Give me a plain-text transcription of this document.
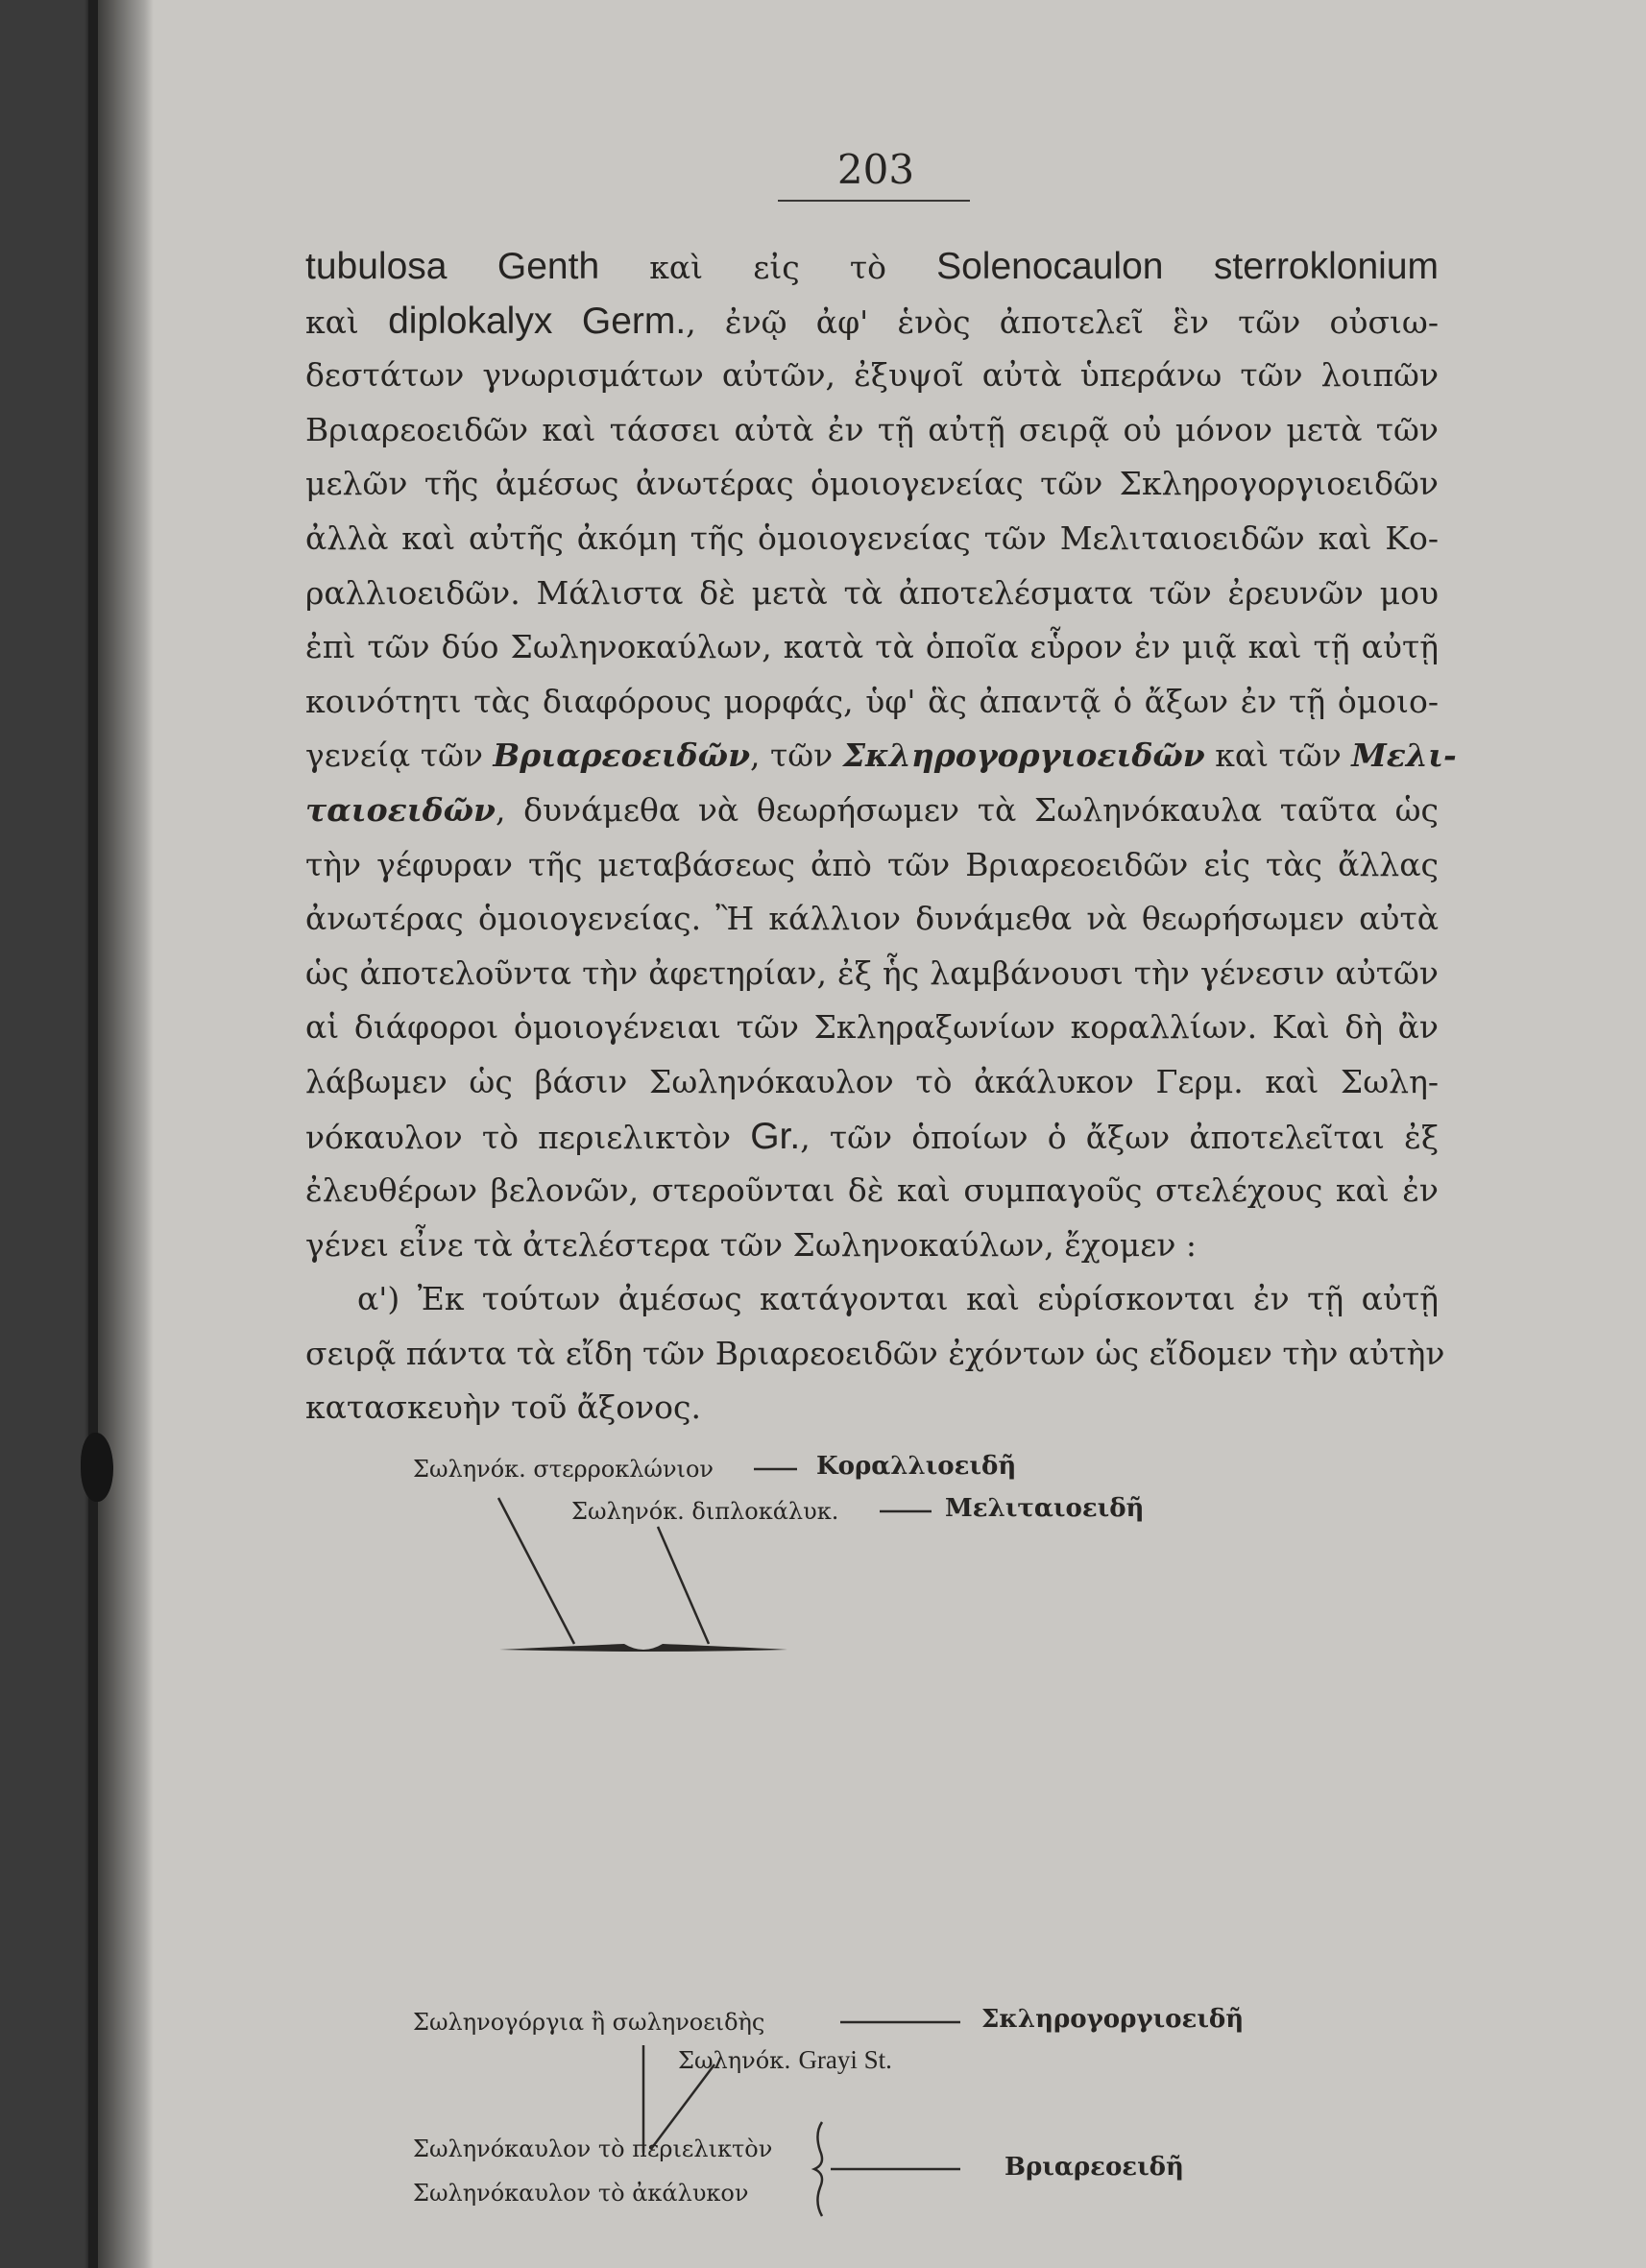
203
tubulosa Genth καὶ εἰς τὸ Solenocaulon sterroklonium
καὶ diplokalyx Germ., ἐνῷ ἀφ' ἑνὸς ἀποτελεῖ ἓν τῶν οὐσιω-
δεστάτων γνωρισμάτων αὐτῶν, ἐξυψοῖ αὐτὰ ὑπεράνω τῶν λοιπῶν
Βριαρεοειδῶν καὶ τάσσει αὐτὰ ἐν τῇ αὐτῇ σειρᾷ οὐ μόνον μετὰ τῶν
μελῶν τῆς ἀμέσως ἀνωτέρας ὁμοιογενείας τῶν Σκληρογοργιοειδῶν
ἀλλὰ καὶ αὐτῆς ἀκόμη τῆς ὁμοιογενείας τῶν Μελιταιοειδῶν καὶ Κο-
ραλλιοειδῶν. Μάλιστα δὲ μετὰ τὰ ἀποτελέσματα τῶν ἐρευνῶν μου
ἐπὶ τῶν δύο Σωληνοκαύλων, κατὰ τὰ ὁποῖα εὗρον ἐν μιᾷ καὶ τῇ αὐτῇ
κοινότητι τὰς διαφόρους μορφάς, ὑφ' ἃς ἀπαντᾷ ὁ ἄξων ἐν τῇ ὁμοιο-
γενείᾳ τῶν Βριαρεοειδῶν, τῶν Σκληρογοργιοειδῶν καὶ τῶν Μελι-
ταιοειδῶν, δυνάμεθα νὰ θεωρήσωμεν τὰ Σωληνόκαυλα ταῦτα ὡς
τὴν γέφυραν τῆς μεταβάσεως ἀπὸ τῶν Βριαρεοειδῶν εἰς τὰς ἄλλας
ἀνωτέρας ὁμοιογενείας. Ἢ κάλλιον δυνάμεθα νὰ θεωρήσωμεν αὐτὰ
ὡς ἀποτελοῦντα τὴν ἀφετηρίαν, ἐξ ἧς λαμβάνουσι τὴν γένεσιν αὐτῶν
αἱ διάφοροι ὁμοιογένειαι τῶν Σκληραξωνίων κοραλλίων. Καὶ δὴ ἂν
λάβωμεν ὡς βάσιν Σωληνόκαυλον τὸ ἀκάλυκον Γερμ. καὶ Σωλη-
νόκαυλον τὸ περιελικτὸν Gr., τῶν ὁποίων ὁ ἄξων ἀποτελεῖται ἐξ
ἐλευθέρων βελονῶν, στεροῦνται δὲ καὶ συμπαγοῦς στελέχους καὶ ἐν
γένει εἶνε τὰ ἀτελέστερα τῶν Σωληνοκαύλων, ἔχομεν :
α') Ἐκ τούτων ἀμέσως κατάγονται καὶ εὑρίσκονται ἐν τῇ αὐτῇ
σειρᾷ πάντα τὰ εἴδη τῶν Βριαρεοειδῶν ἐχόντων ὡς εἴδομεν τὴν αὐτὴν
κατασκευὴν τοῦ ἄξονος.
Σωληνόκ. στερροκλώνιον	Κοραλλιοειδῆ
Σωληνόκ. διπλοκάλυκ.	Μελιταιοειδῆ
Σωληνογόργια ἢ σωληνοειδὴς	Σκληρογοργιοειδῆ
Σωληνόκ. Grayi St.
Σωληνόκαυλον τὸ περιελικτὸν
Σωληνόκαυλον τὸ ἀκάλυκον
Βριαρεοειδῆ
